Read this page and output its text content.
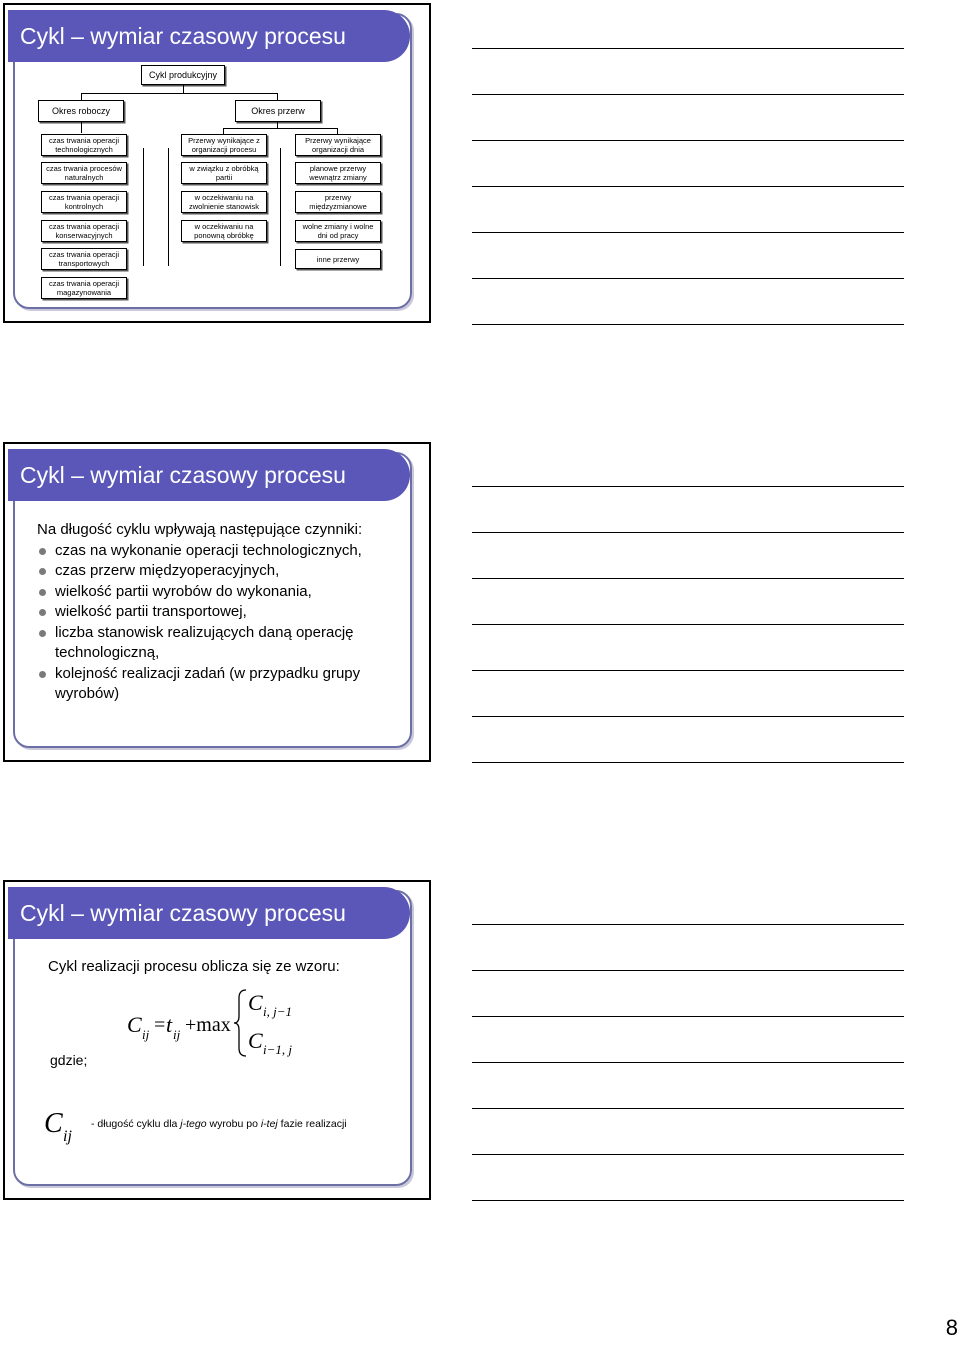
Cykl – wymiar czasowy procesu
Cykl produkcyjny
Okres roboczy	Okres przerw
czas trwania operacji technologicznych
czas trwania procesów naturalnych
czas trwania operacji kontrolnych
czas trwania operacji konserwacyjnych
czas trwania operacji transportowych
czas trwania operacji magazynowania
Przerwy wynikające z organizacji procesu
w związku z obróbką partii
w oczekiwaniu na zwolnienie stanowisk
w oczekiwaniu na ponowną obróbkę
Przerwy wynikające organizacji dnia
planowe przerwy wewnątrz zmiany
przerwy międzyzmianowe
wolne zmiany i wolne dni od pracy
inne przerwy
Cykl – wymiar czasowy procesu

Na długość cyklu wpływają następujące czynniki:

czas na wykonanie operacji technologicznych,
czas przerw międzyoperacyjnych,
wielkość partii wyrobów do wykonania,
wielkość partii transportowej,
liczba stanowisk realizujących daną operację technologiczną,
kolejność realizacji zadań (w przypadku grupy wyrobów)
Cykl – wymiar czasowy procesu
Cykl realizacji procesu oblicza się ze wzoru:
C ij = t ij +max
C i, j−1
C i−1, j
gdzie;
C ij
- długość cyklu dla j-tego wyrobu po i-tej fazie realizacji
8
